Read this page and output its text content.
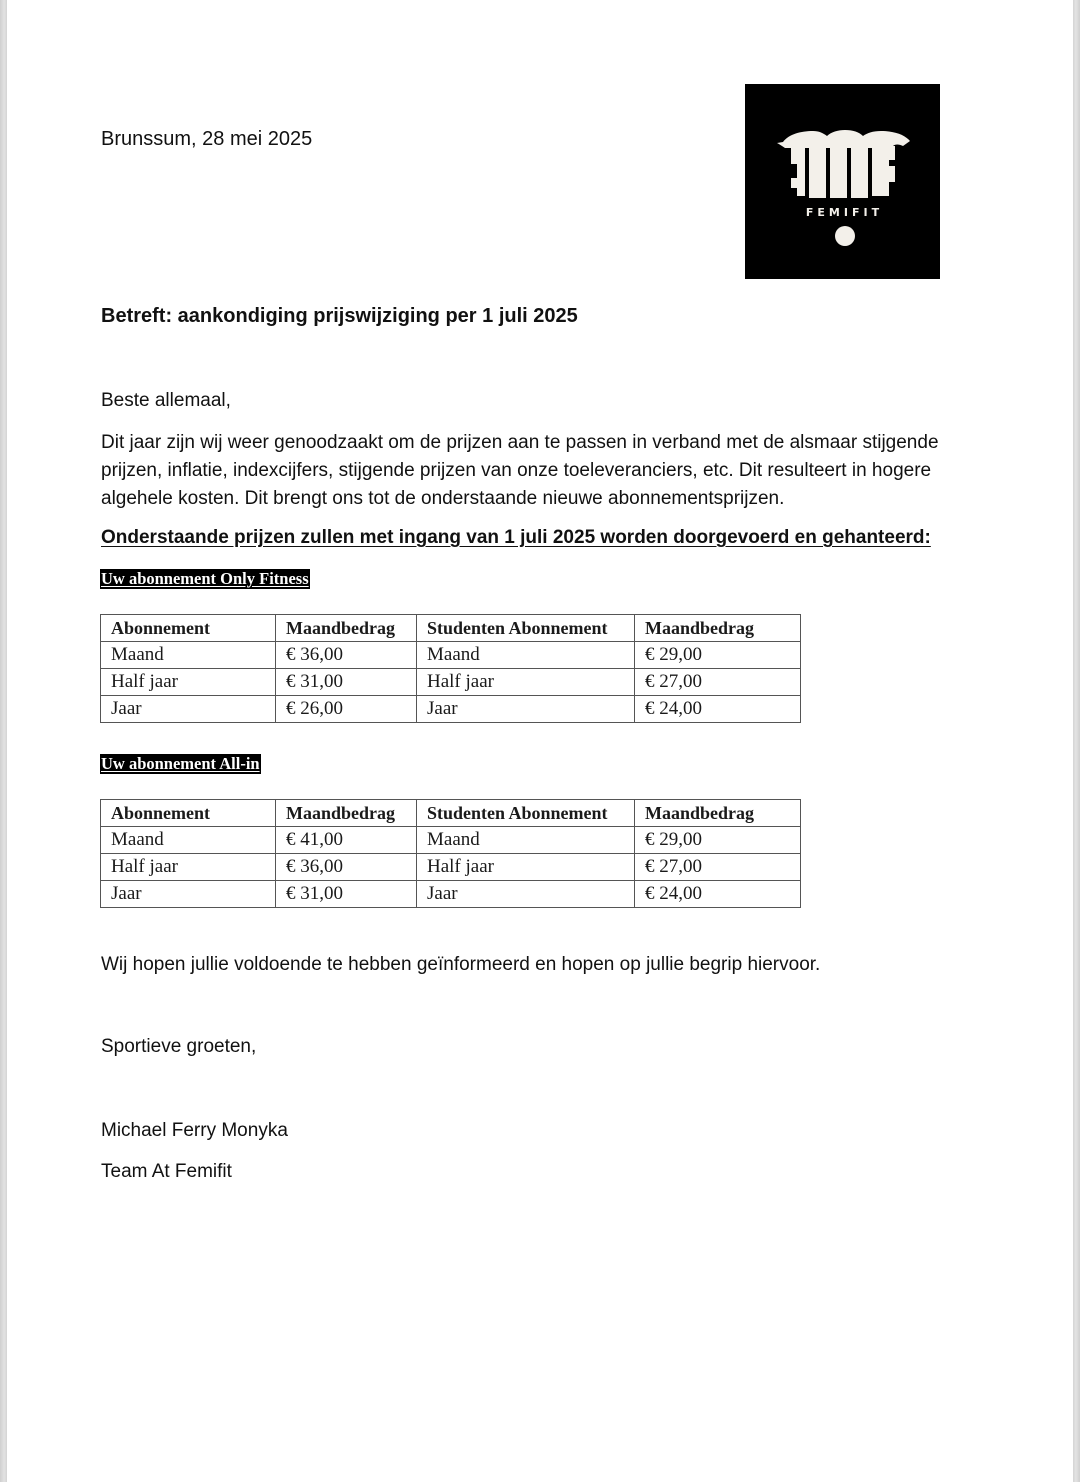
Brunssum, 28 mei 2025
FEMIFIT
Betreft: aankondiging prijswijziging per 1 juli 2025
Beste allemaal,
Dit jaar zijn wij weer genoodzaakt om de prijzen aan te passen in verband met de alsmaar stijgende prijzen, inflatie, indexcijfers, stijgende prijzen van onze toeleveranciers, etc. Dit resulteert in hogere algehele kosten. Dit brengt ons tot de onderstaande nieuwe abonnementsprijzen.
Onderstaande prijzen zullen met ingang van 1 juli 2025 worden doorgevoerd en gehanteerd:
Uw abonnement Only Fitness
Abonnement	Maandbedrag	Studenten Abonnement	Maandbedrag
Maand	€ 36,00	Maand	€ 29,00
Half jaar	€ 31,00	Half jaar	€ 27,00
Jaar	€ 26,00	Jaar	€ 24,00
Uw abonnement All-in
Abonnement	Maandbedrag	Studenten Abonnement	Maandbedrag
Maand	€ 41,00	Maand	€ 29,00
Half jaar	€ 36,00	Half jaar	€ 27,00
Jaar	€ 31,00	Jaar	€ 24,00
Wij hopen jullie voldoende te hebben geïnformeerd en hopen op jullie begrip hiervoor.
Sportieve groeten,
Michael Ferry Monyka
Team At Femifit
